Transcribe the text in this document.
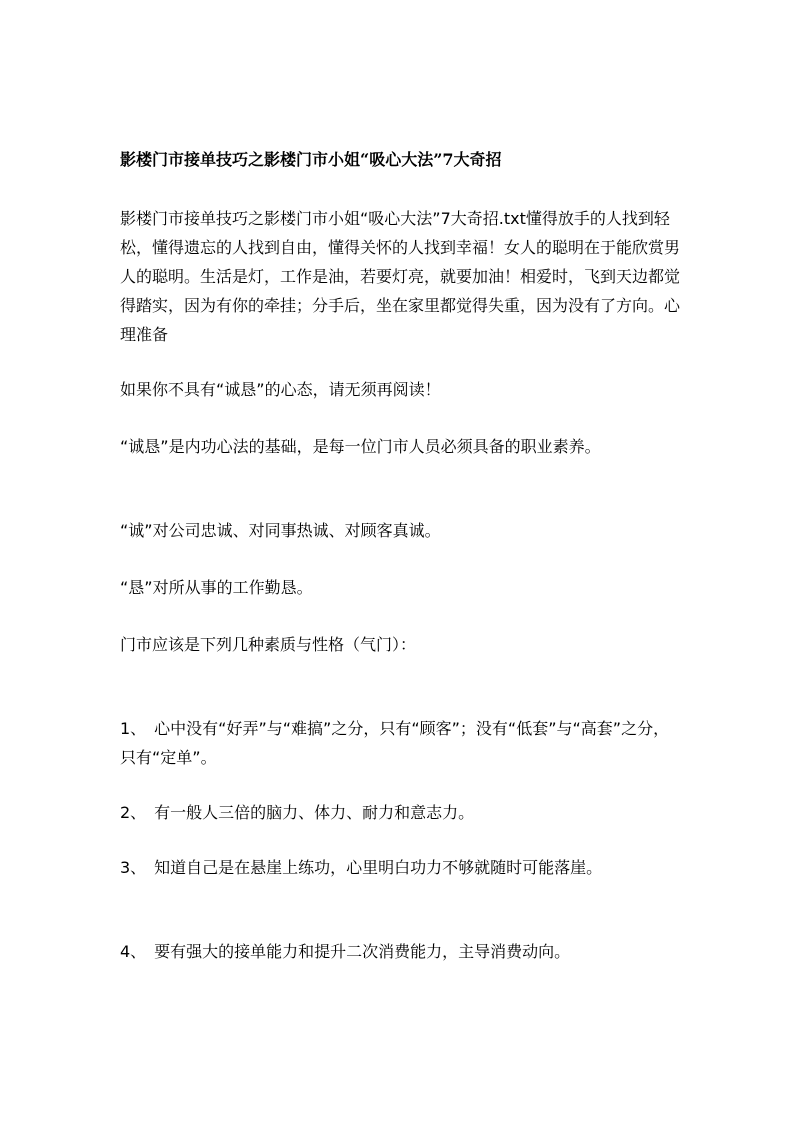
影楼门市接单技巧之影楼门市小姐“吸心大法”7大奇招

影楼门市接单技巧之影楼门市小姐“吸心大法”7大奇招.txt懂得放手的人找到轻松，懂得遗忘的人找到自由，懂得关怀的人找到幸福！女人的聪明在于能欣赏男人的聪明。生活是灯，工作是油，若要灯亮，就要加油！相爱时，飞到天边都觉得踏实，因为有你的牵挂；分手后，坐在家里都觉得失重，因为没有了方向。心理准备

如果你不具有“诚恳”的心态，请无须再阅读！

“诚恳”是内功心法的基础，是每一位门市人员必须具备的职业素养。

“诚”对公司忠诚、对同事热诚、对顾客真诚。

“恳”对所从事的工作勤恳。

门市应该是下列几种素质与性格（气门）：

1、　心中没有“好弄”与“难搞”之分，只有“顾客”；没有“低套”与“高套”之分，只有“定单”。

2、　有一般人三倍的脑力、体力、耐力和意志力。

3、　知道自己是在悬崖上练功，心里明白功力不够就随时可能落崖。

4、　要有强大的接单能力和提升二次消费能力，主导消费动向。
